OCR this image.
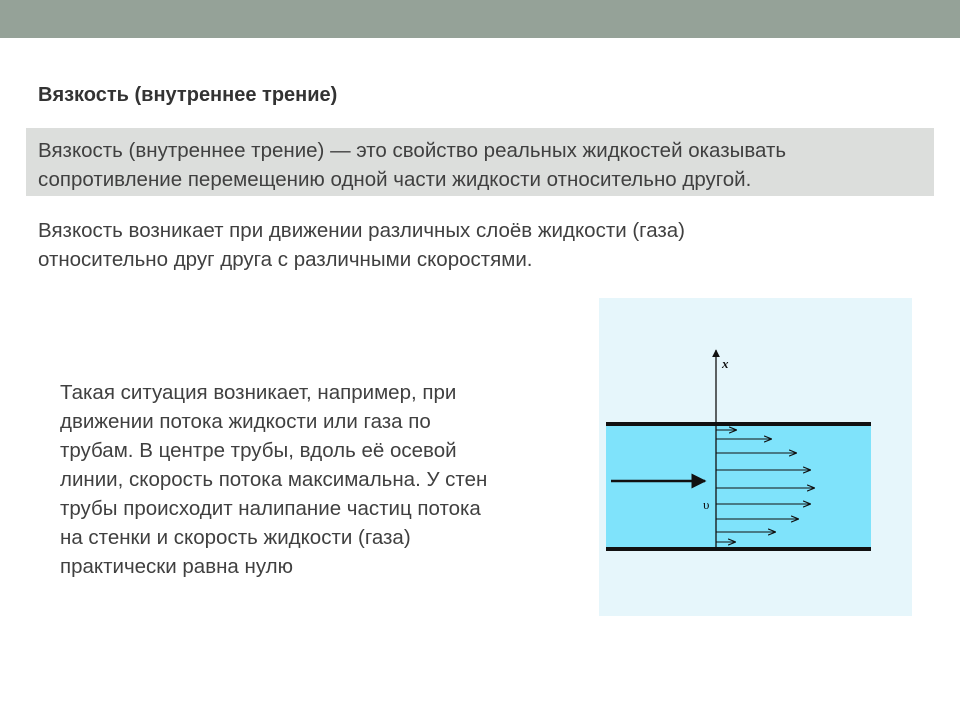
Вязкость (внутреннее трение)
Вязкость (внутреннее трение) — это свойство реальных жидкостей оказывать
сопротивление перемещению одной части жидкости относительно другой.
Вязкость возникает при движении различных слоёв жидкости (газа)
относительно друг друга с различными скоростями.
Такая ситуация возникает, например, при
движении потока жидкости или газа по
трубам. В центре трубы, вдоль её осевой
линии, скорость потока максимальна. У стен
трубы происходит налипание частиц потока
на стенки и скорость жидкости (газа)
практически равна нулю
x
υ
